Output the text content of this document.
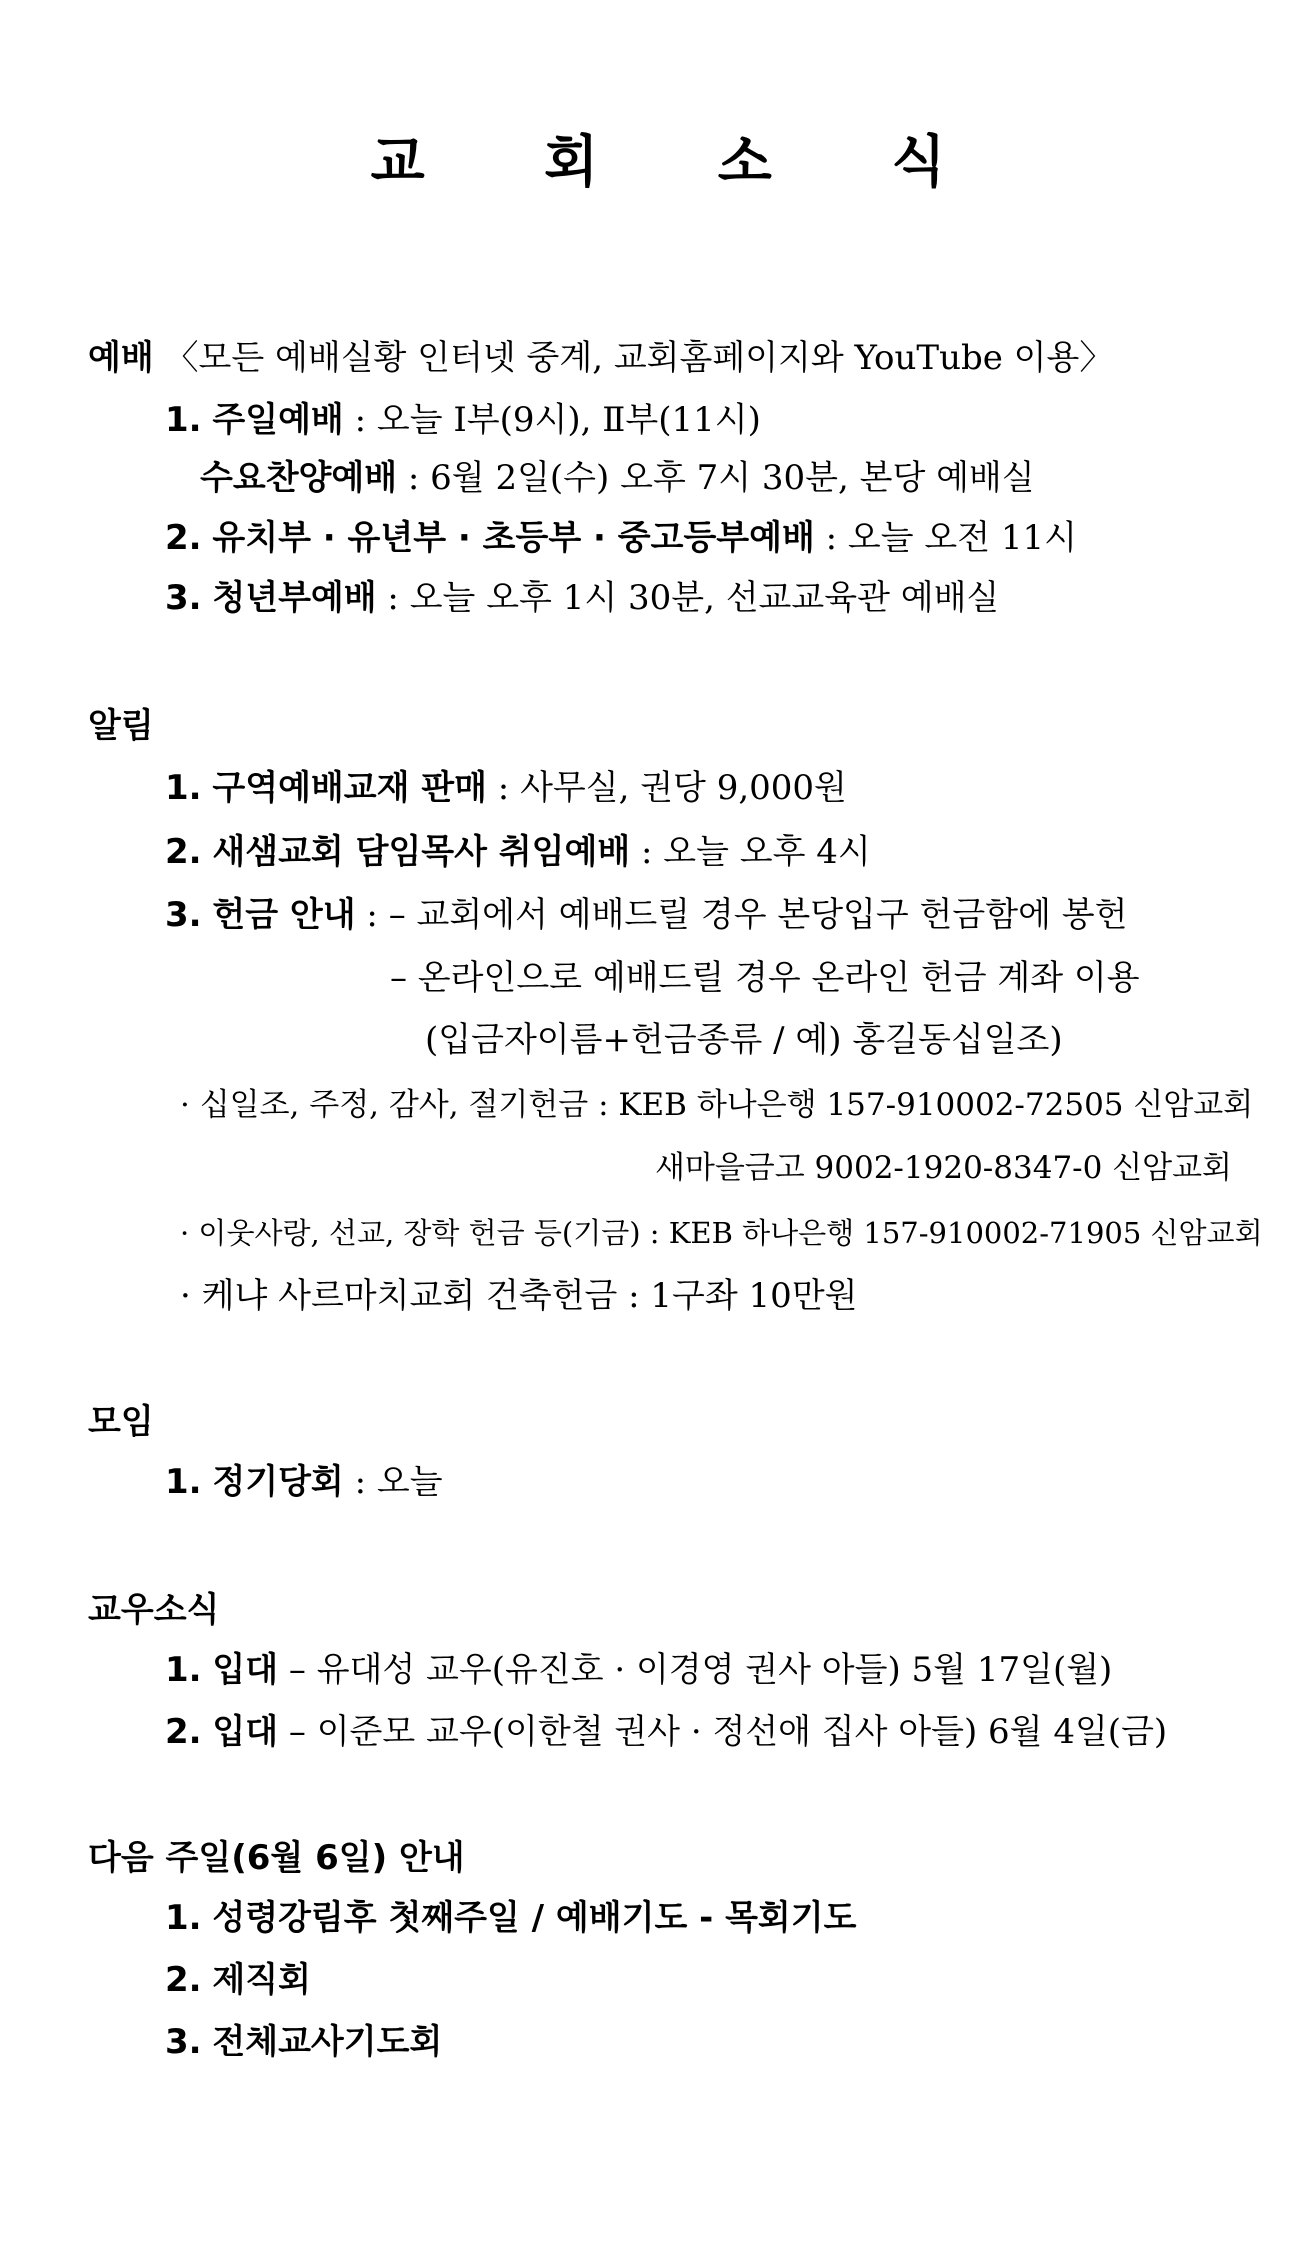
교 회 소 식
예배 〈모든 예배실황 인터넷 중계, 교회홈페이지와 YouTube 이용〉
1. 주일예배 : 오늘 Ⅰ부(9시), Ⅱ부(11시)
수요찬양예배 : 6월 2일(수) 오후 7시 30분, 본당 예배실
2. 유치부 · 유년부 · 초등부 · 중고등부예배 : 오늘 오전 11시
3. 청년부예배 : 오늘 오후 1시 30분, 선교교육관 예배실
알림
1. 구역예배교재 판매 : 사무실, 권당 9,000원
2. 새샘교회 담임목사 취임예배 : 오늘 오후 4시
3. 헌금 안내 : – 교회에서 예배드릴 경우 본당입구 헌금함에 봉헌
– 온라인으로 예배드릴 경우 온라인 헌금 계좌 이용
(입금자이름+헌금종류 / 예) 홍길동십일조)
· 십일조, 주정, 감사, 절기헌금 : KEB 하나은행 157-910002-72505 신암교회
새마을금고 9002-1920-8347-0 신암교회
· 이웃사랑, 선교, 장학 헌금 등(기금) : KEB 하나은행 157-910002-71905 신암교회
· 케냐 사르마치교회 건축헌금 : 1구좌 10만원
모임
1. 정기당회 : 오늘
교우소식
1. 입대 – 유대성 교우(유진호 · 이경영 권사 아들) 5월 17일(월)
2. 입대 – 이준모 교우(이한철 권사 · 정선애 집사 아들) 6월 4일(금)
다음 주일(6월 6일) 안내
1. 성령강림후 첫째주일 / 예배기도 - 목회기도
2. 제직회
3. 전체교사기도회
